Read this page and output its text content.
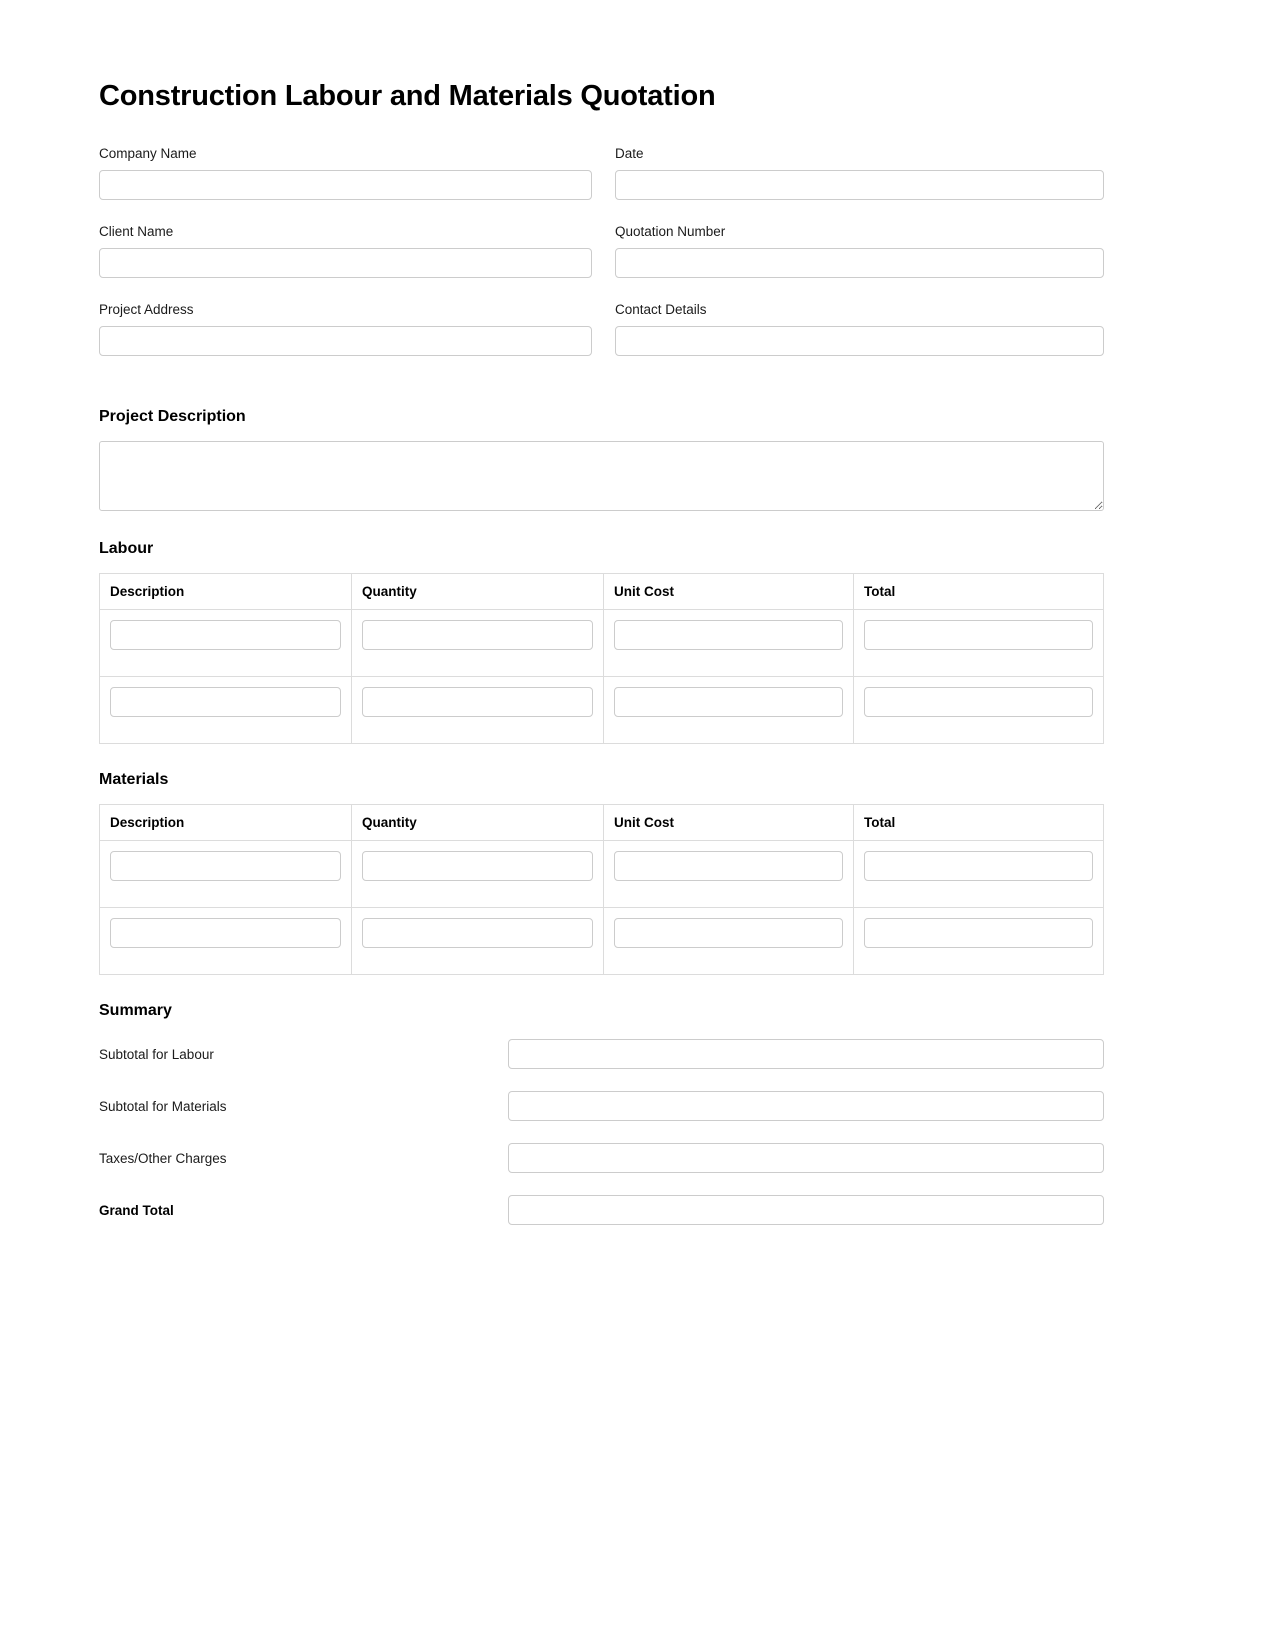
Construction Labour and Materials Quotation
Company Name	Date
Client Name	Quotation Number
Project Address	Contact Details
Project Description
Labour
Description	Quantity	Unit Cost	Total

Materials
Description	Quantity	Unit Cost	Total

Summary
Subtotal for Labour
Subtotal for Materials
Taxes/Other Charges
Grand Total
